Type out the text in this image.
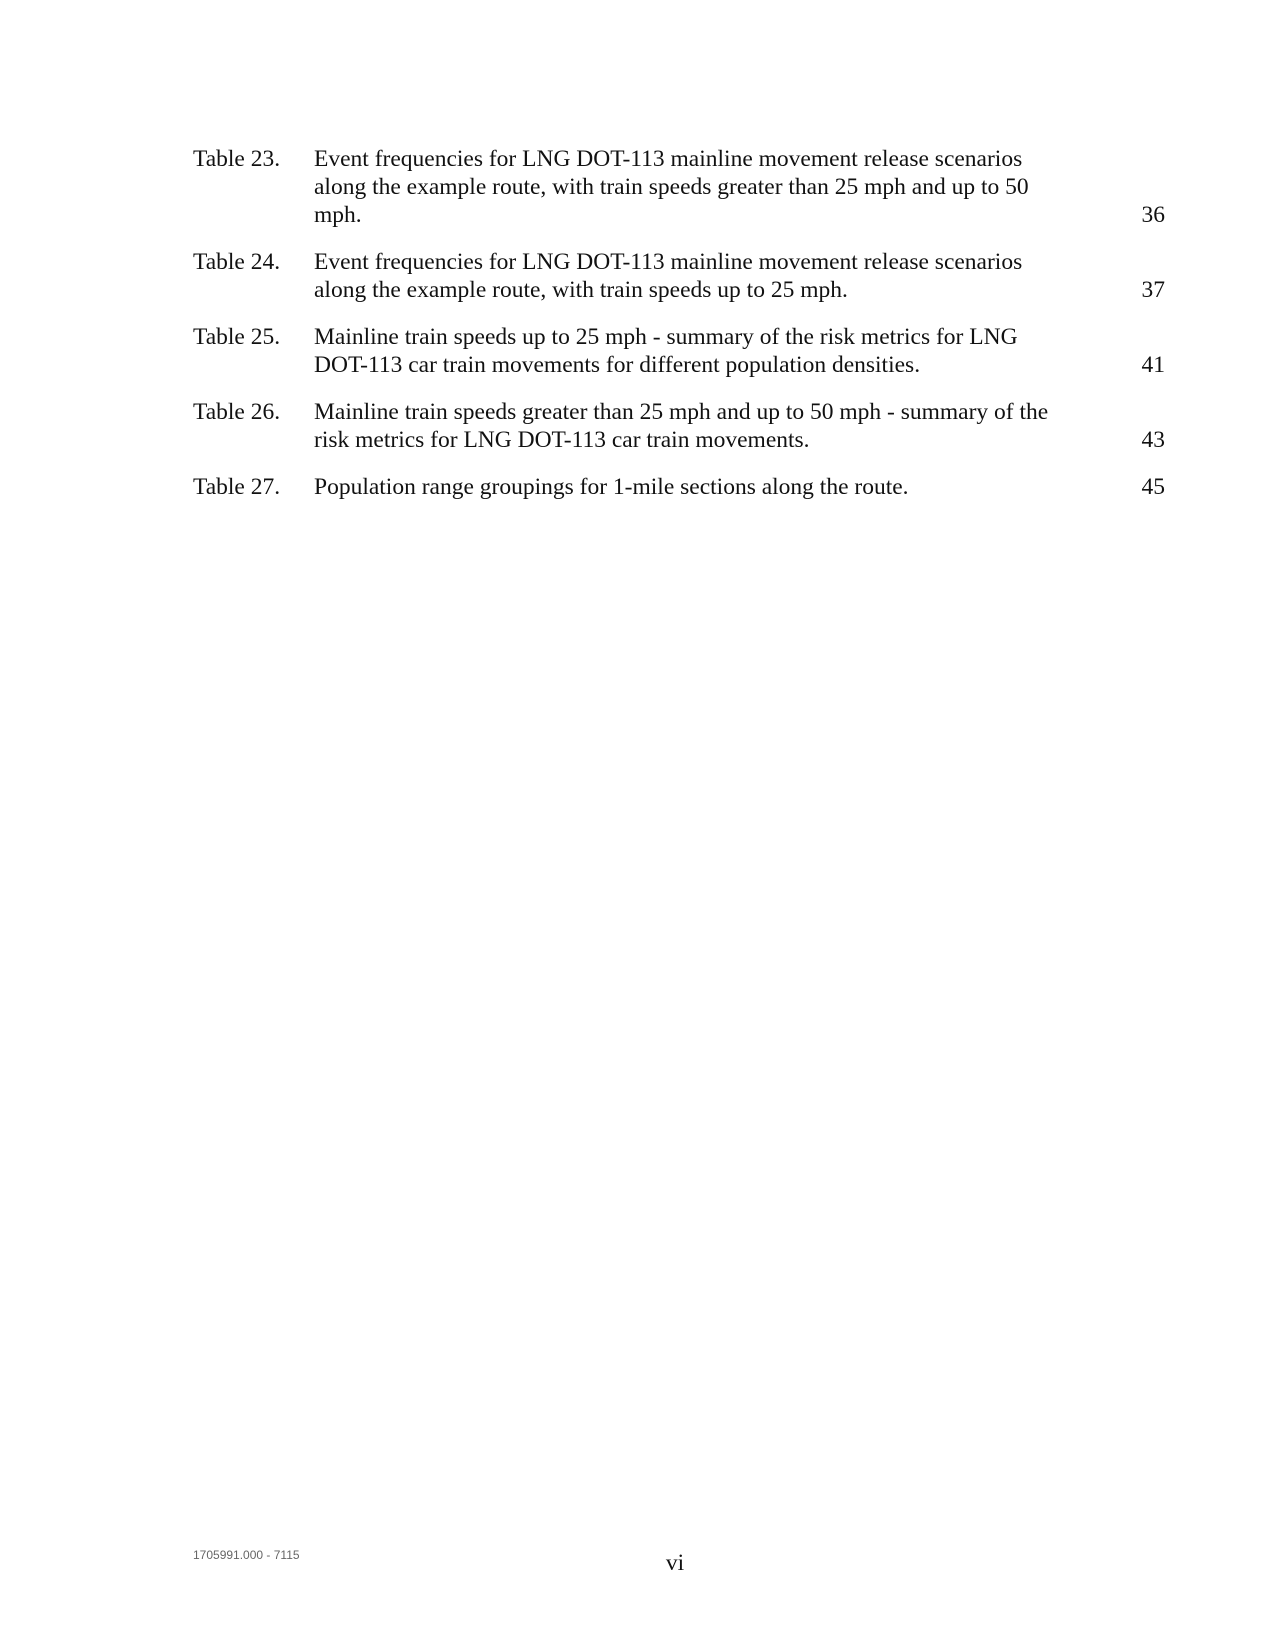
Table 23.	Event frequencies for LNG DOT-113 mainline movement release scenarios along the example route, with train speeds greater than 25 mph and up to 50 mph.	36
Table 24.	Event frequencies for LNG DOT-113 mainline movement release scenarios along the example route, with train speeds up to 25 mph.	37
Table 25.	Mainline train speeds up to 25 mph - summary of the risk metrics for LNG DOT-113 car train movements for different population densities.	41
Table 26.	Mainline train speeds greater than 25 mph and up to 50 mph - summary of the risk metrics for LNG DOT-113 car train movements.	43
Table 27.	Population range groupings for 1-mile sections along the route.	45
1705991.000 - 7115	vi
